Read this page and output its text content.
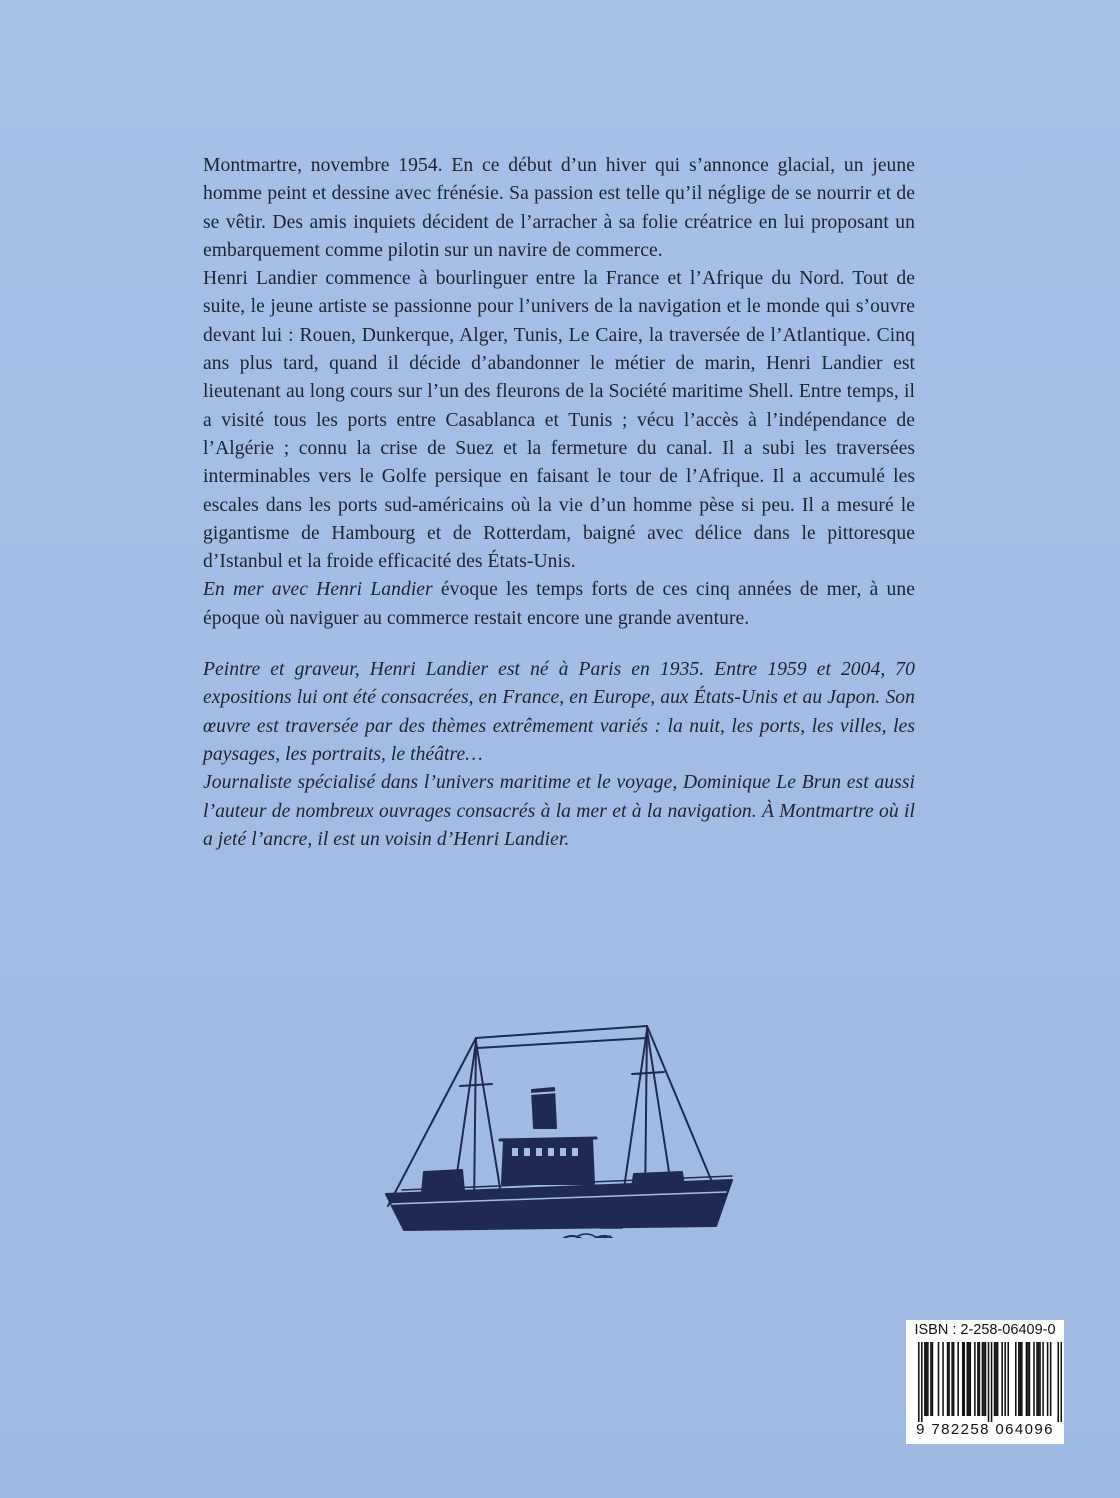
Montmartre, novembre 1954. En ce début d’un hiver qui s’annonce glacial, un jeune homme peint et dessine avec frénésie. Sa passion est telle qu’il néglige de se nourrir et de se vêtir. Des amis inquiets décident de l’arracher à sa folie créatrice en lui proposant un embarquement comme pilotin sur un navire de commerce.

Henri Landier commence à bourlinguer entre la France et l’Afrique du Nord. Tout de suite, le jeune artiste se passionne pour l’univers de la navigation et le monde qui s’ouvre devant lui : Rouen, Dunkerque, Alger, Tunis, Le Caire, la traversée de l’Atlantique. Cinq ans plus tard, quand il décide d’abandonner le métier de marin, Henri Landier est lieutenant au long cours sur l’un des fleurons de la Société maritime Shell. Entre temps, il a visité tous les ports entre Casablanca et Tunis ; vécu l’accès à l’indépendance de l’Algérie ; connu la crise de Suez et la fermeture du canal. Il a subi les traversées interminables vers le Golfe persique en faisant le tour de l’Afrique. Il a accumulé les escales dans les ports sud-américains où la vie d’un homme pèse si peu. Il a mesuré le gigantisme de Hambourg et de Rotterdam, baigné avec délice dans le pittoresque d’Istanbul et la froide efficacité des États-Unis.

En mer avec Henri Landier évoque les temps forts de ces cinq années de mer, à une époque où naviguer au commerce restait encore une grande aventure.

Peintre et graveur, Henri Landier est né à Paris en 1935. Entre 1959 et 2004, 70 expositions lui ont été consacrées, en France, en Europe, aux États-Unis et au Japon. Son œuvre est traversée par des thèmes extrêmement variés : la nuit, les ports, les villes, les paysages, les portraits, le théâtre…

Journaliste spécialisé dans l’univers maritime et le voyage, Dominique Le Brun est aussi l’auteur de nombreux ouvrages consacrés à la mer et à la navigation. À Montmartre où il a jeté l’ancre, il est un voisin d’Henri Landier.

ISBN : 2-258-06409-0
9 782258 064096
